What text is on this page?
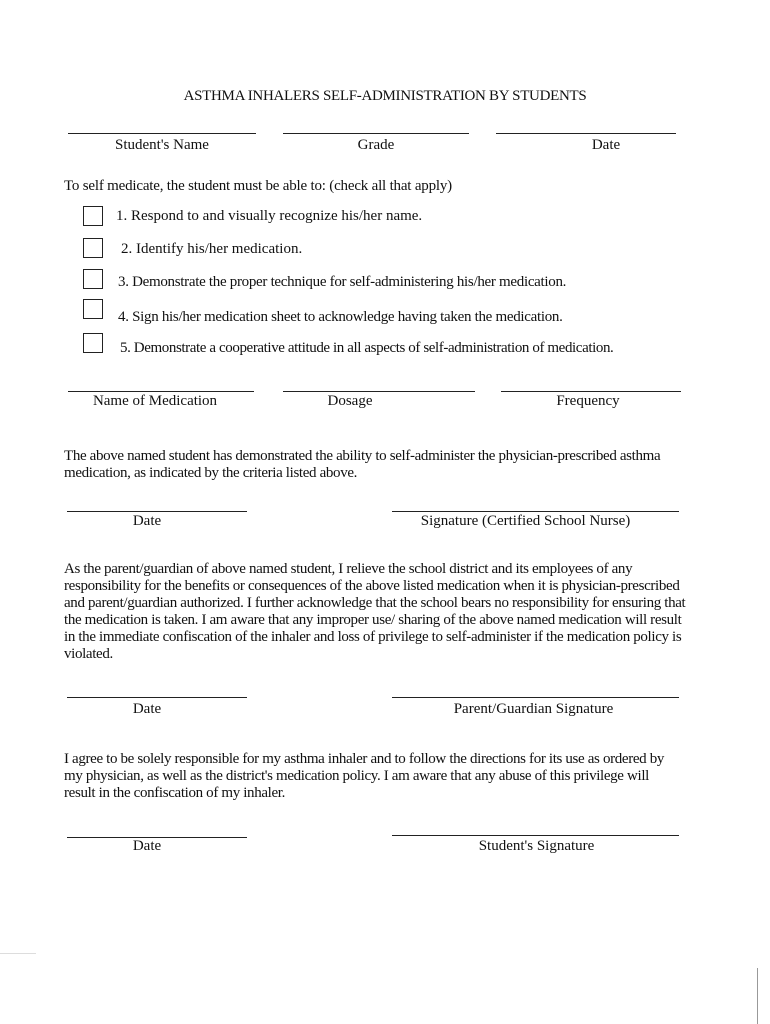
ASTHMA INHALERS SELF-ADMINISTRATION BY STUDENTS
Student's Name	Grade	Date
To self medicate, the student must be able to: (check all that apply)
1. Respond to and visually recognize his/her name.
2. Identify his/her medication.
3. Demonstrate the proper technique for self-administering his/her medication.
4. Sign his/her medication sheet to acknowledge having taken the medication.
5. Demonstrate a cooperative attitude in all aspects of self-administration of medication.
Name of Medication	Dosage	Frequency
The above named student has demonstrated the ability to self-administer the physician-prescribed asthma medication, as indicated by the criteria listed above.
Date	Signature (Certified School Nurse)
As the parent/guardian of above named student, I relieve the school district and its employees of any responsibility for the benefits or consequences of the above listed medication when it is physician-prescribed and parent/guardian authorized. I further acknowledge that the school bears no responsibility for ensuring that the medication is taken. I am aware that any improper use/ sharing of the above named medication will result in the immediate confiscation of the inhaler and loss of privilege to self-administer if the medication policy is violated.
Date	Parent/Guardian Signature
I agree to be solely responsible for my asthma inhaler and to follow the directions for its use as ordered by my physician, as well as the district's medication policy. I am aware that any abuse of this privilege will result in the confiscation of my inhaler.
Date	Student's Signature
